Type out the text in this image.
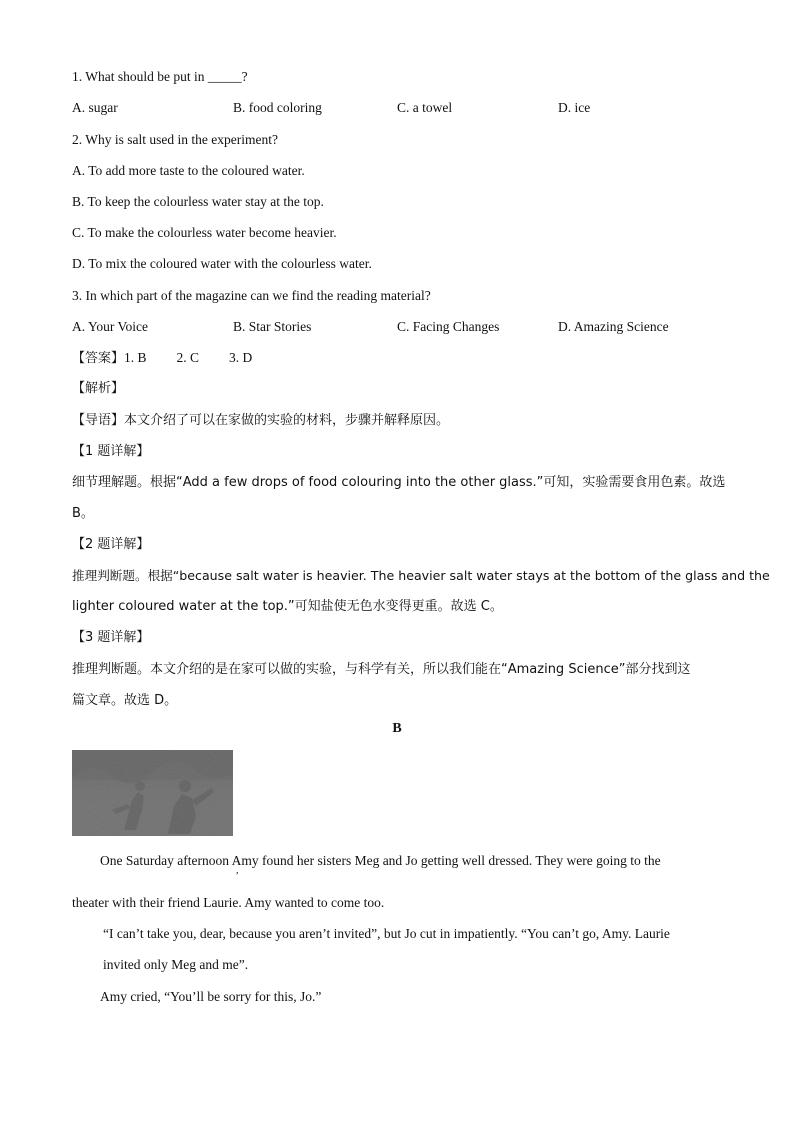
1. What should be put in _____?
A. sugar	B. food coloring	C. a towel	D. ice
2. Why is salt used in the experiment?
A. To add more taste to the coloured water.
B. To keep the colourless water stay at the top.
C. To make the colourless water become heavier.
D. To mix the coloured water with the colourless water.
3. In which part of the magazine can we find the reading material?
A. Your Voice	B. Star Stories	C. Facing Changes	D. Amazing Science
【答案】1. B 2. C 3. D
【解析】
【导语】本文介绍了可以在家做的实验的材料，步骤并解释原因。
【1 题详解】
细节理解题。根据“Add a few drops of food colouring into the other glass.”可知，实验需要食用色素。故选
B。
【2 题详解】
推理判断题。根据“because salt water is heavier. The heavier salt water stays at the bottom of the glass and the
lighter coloured water at the top.”可知盐使无色水变得更重。故选 C。
【3 题详解】
推理判断题。本文介绍的是在家可以做的实验，与科学有关，所以我们能在“Amazing Science”部分找到这
篇文章。故选 D。
B
One Saturday afternoon Amy found her sisters Meg and Jo getting well dressed. They were going to the
,
theater with their friend Laurie. Amy wanted to come too.
“I can’t take you, dear, because you aren’t invited”, but Jo cut in impatiently. “You can’t go, Amy. Laurie
invited only Meg and me”.
Amy cried, “You’ll be sorry for this, Jo.”
